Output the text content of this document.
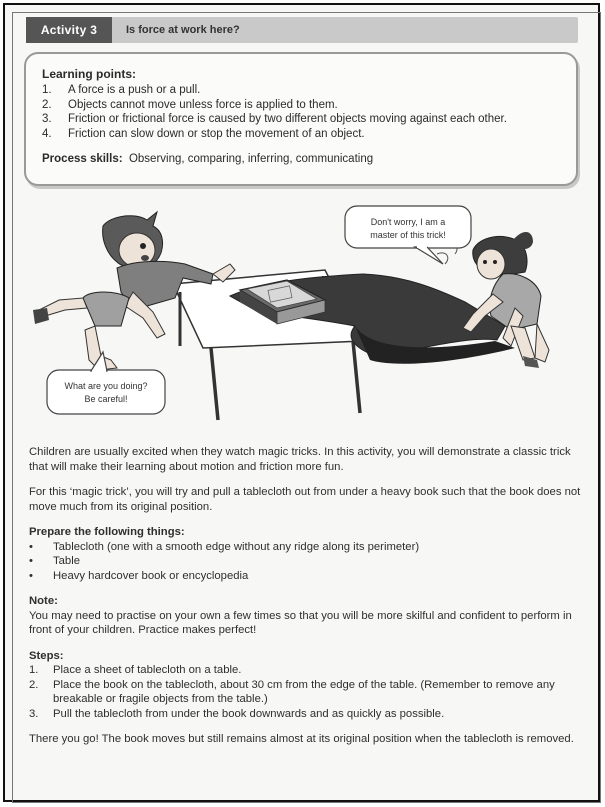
Activity 3	Is force at work here?
Learning points:
1.	A force is a push or a pull.
2.	Objects cannot move unless force is applied to them.
3.	Friction or frictional force is caused by two different objects moving against each other.
4.	Friction can slow down or stop the movement of an object.
Process skills: Observing, comparing, inferring, communicating
Don't worry, I am a
master of this trick!
What are you doing?
Be careful!

Children are usually excited when they watch magic tricks. In this activity, you will demonstrate a classic trick that will make their learning about motion and friction more fun.

For this ‘magic trick’, you will try and pull a tablecloth out from under a heavy book such that the book does not move much from its original position.

Prepare the following things:

•	Tablecloth (one with a smooth edge without any ridge along its perimeter)
•	Table
•	Heavy hardcover book or encyclopedia

Note:

You may need to practise on your own a few times so that you will be more skilful and confident to perform in front of your children. Practice makes perfect!

Steps:

1.	Place a sheet of tablecloth on a table.
2.	Place the book on the tablecloth, about 30 cm from the edge of the table. (Remember to remove any breakable or fragile objects from the table.)
3.	Pull the tablecloth from under the book downwards and as quickly as possible.

There you go! The book moves but still remains almost at its original position when the tablecloth is removed.
